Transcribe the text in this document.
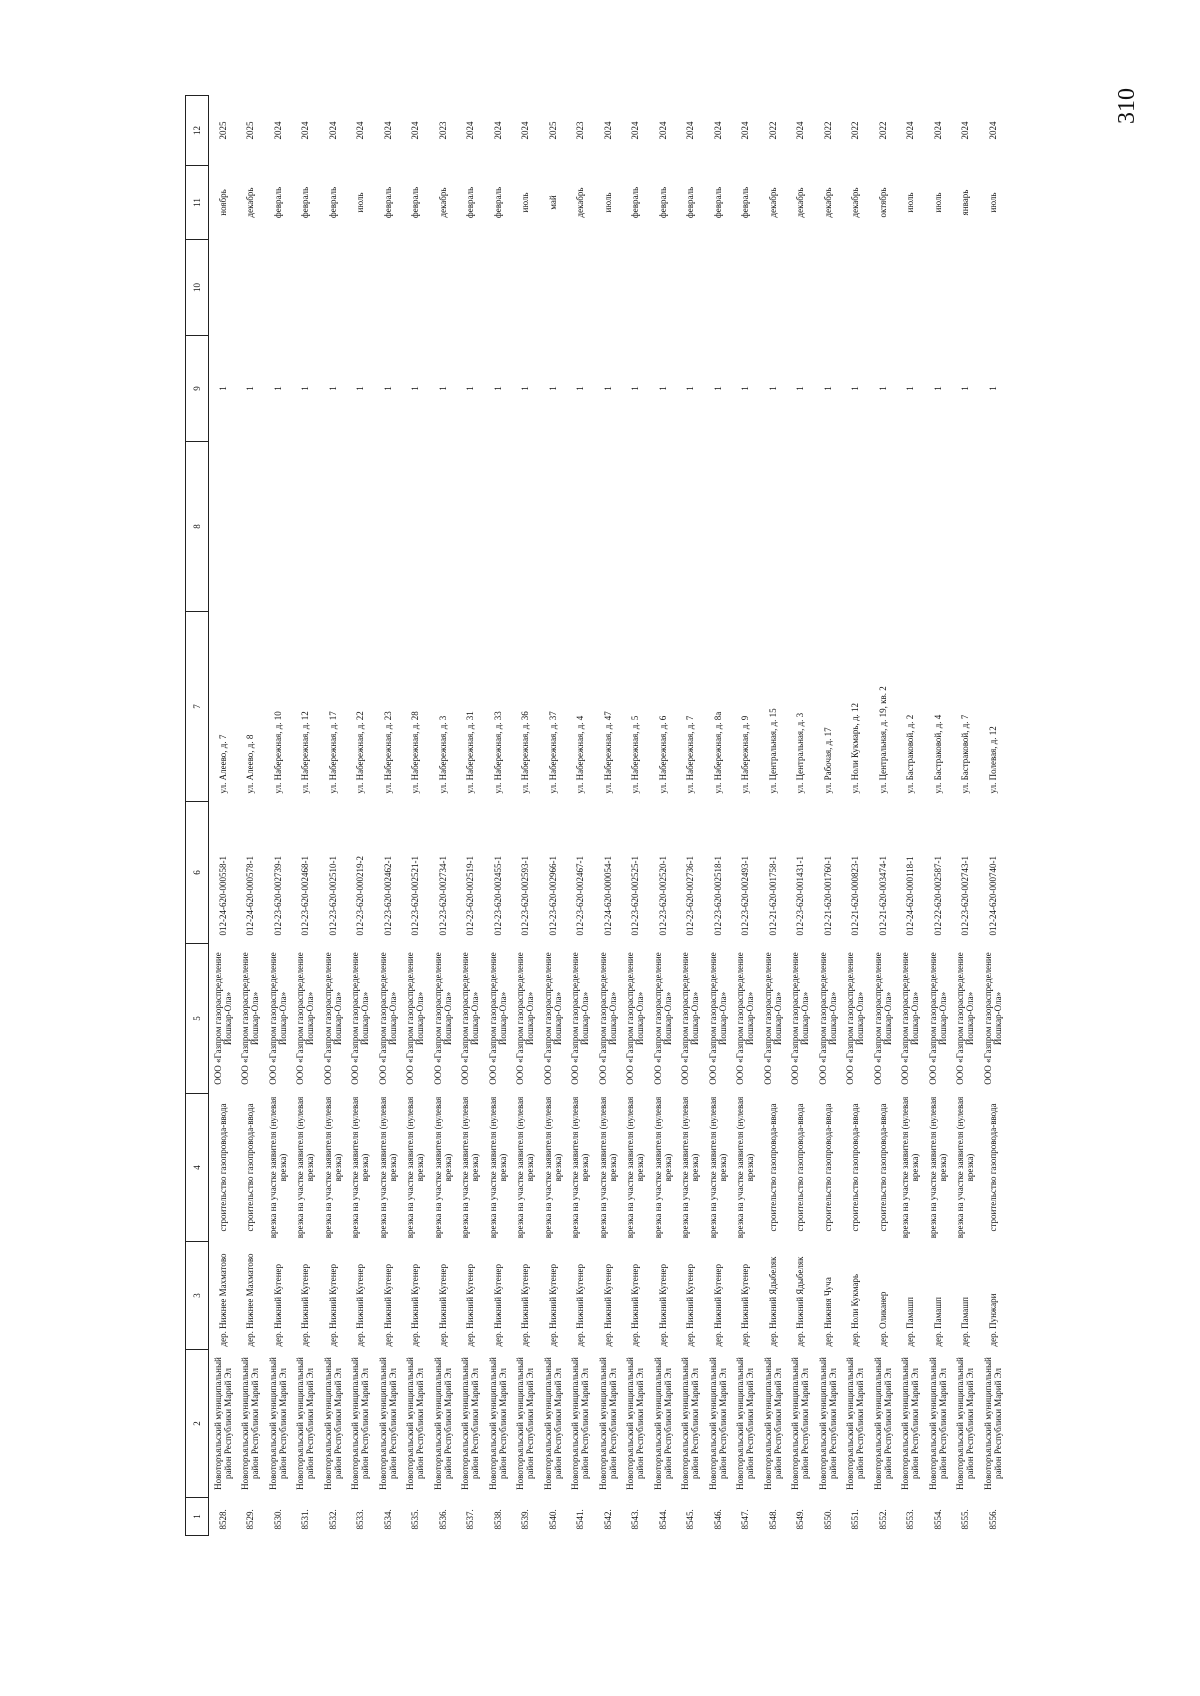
310
1	2	3	4	5	6	7	8	9	10	11	12
8528.	Новоторъяльский муниципальный район Республики Марий Эл	дер. Нижнее Махматово	строительство газопровода-ввода	ООО «Газпром газораспределение Йошкар-Ола»	012-24-620-000558-1	ул. Алеево, д. 7		1		ноябрь	2025
8529.	Новоторъяльский муниципальный район Республики Марий Эл	дер. Нижнее Махматово	строительство газопровода-ввода	ООО «Газпром газораспределение Йошкар-Ола»	012-24-620-000578-1	ул. Алеево, д. 8		1		декабрь	2025
8530.	Новоторъяльский муниципальный район Республики Марий Эл	дер. Нижний Кугенер	врезка на участке заявителя (нулевая врезка)	ООО «Газпром газораспределение Йошкар-Ола»	012-23-620-002739-1	ул. Набережная, д. 10		1		февраль	2024
8531.	Новоторъяльский муниципальный район Республики Марий Эл	дер. Нижний Кугенер	врезка на участке заявителя (нулевая врезка)	ООО «Газпром газораспределение Йошкар-Ола»	012-23-620-002468-1	ул. Набережная, д. 12		1		февраль	2024
8532.	Новоторъяльский муниципальный район Республики Марий Эл	дер. Нижний Кугенер	врезка на участке заявителя (нулевая врезка)	ООО «Газпром газораспределение Йошкар-Ола»	012-23-620-002510-1	ул. Набережная, д. 17		1		февраль	2024
8533.	Новоторъяльский муниципальный район Республики Марий Эл	дер. Нижний Кугенер	врезка на участке заявителя (нулевая врезка)	ООО «Газпром газораспределение Йошкар-Ола»	012-23-620-000219-2	ул. Набережная, д. 22		1		июль	2024
8534.	Новоторъяльский муниципальный район Республики Марий Эл	дер. Нижний Кугенер	врезка на участке заявителя (нулевая врезка)	ООО «Газпром газораспределение Йошкар-Ола»	012-23-620-002462-1	ул. Набережная, д. 23		1		февраль	2024
8535.	Новоторъяльский муниципальный район Республики Марий Эл	дер. Нижний Кугенер	врезка на участке заявителя (нулевая врезка)	ООО «Газпром газораспределение Йошкар-Ола»	012-23-620-002521-1	ул. Набережная, д. 28		1		февраль	2024
8536.	Новоторъяльский муниципальный район Республики Марий Эл	дер. Нижний Кугенер	врезка на участке заявителя (нулевая врезка)	ООО «Газпром газораспределение Йошкар-Ола»	012-23-620-002734-1	ул. Набережная, д. 3		1		декабрь	2023
8537.	Новоторъяльский муниципальный район Республики Марий Эл	дер. Нижний Кугенер	врезка на участке заявителя (нулевая врезка)	ООО «Газпром газораспределение Йошкар-Ола»	012-23-620-002519-1	ул. Набережная, д. 31		1		февраль	2024
8538.	Новоторъяльский муниципальный район Республики Марий Эл	дер. Нижний Кугенер	врезка на участке заявителя (нулевая врезка)	ООО «Газпром газораспределение Йошкар-Ола»	012-23-620-002455-1	ул. Набережная, д. 33		1		февраль	2024
8539.	Новоторъяльский муниципальный район Республики Марий Эл	дер. Нижний Кугенер	врезка на участке заявителя (нулевая врезка)	ООО «Газпром газораспределение Йошкар-Ола»	012-23-620-002593-1	ул. Набережная, д. 36		1		июль	2024
8540.	Новоторъяльский муниципальный район Республики Марий Эл	дер. Нижний Кугенер	врезка на участке заявителя (нулевая врезка)	ООО «Газпром газораспределение Йошкар-Ола»	012-23-620-002966-1	ул. Набережная, д. 37		1		май	2025
8541.	Новоторъяльский муниципальный район Республики Марий Эл	дер. Нижний Кугенер	врезка на участке заявителя (нулевая врезка)	ООО «Газпром газораспределение Йошкар-Ола»	012-23-620-002467-1	ул. Набережная, д. 4		1		декабрь	2023
8542.	Новоторъяльский муниципальный район Республики Марий Эл	дер. Нижний Кугенер	врезка на участке заявителя (нулевая врезка)	ООО «Газпром газораспределение Йошкар-Ола»	012-24-620-000054-1	ул. Набережная, д. 47		1		июль	2024
8543.	Новоторъяльский муниципальный район Республики Марий Эл	дер. Нижний Кугенер	врезка на участке заявителя (нулевая врезка)	ООО «Газпром газораспределение Йошкар-Ола»	012-23-620-002525-1	ул. Набережная, д. 5		1		февраль	2024
8544.	Новоторъяльский муниципальный район Республики Марий Эл	дер. Нижний Кугенер	врезка на участке заявителя (нулевая врезка)	ООО «Газпром газораспределение Йошкар-Ола»	012-23-620-002520-1	ул. Набережная, д. 6		1		февраль	2024
8545.	Новоторъяльский муниципальный район Республики Марий Эл	дер. Нижний Кугенер	врезка на участке заявителя (нулевая врезка)	ООО «Газпром газораспределение Йошкар-Ола»	012-23-620-002736-1	ул. Набережная, д. 7		1		февраль	2024
8546.	Новоторъяльский муниципальный район Республики Марий Эл	дер. Нижний Кугенер	врезка на участке заявителя (нулевая врезка)	ООО «Газпром газораспределение Йошкар-Ола»	012-23-620-002518-1	ул. Набережная, д. 8а		1		февраль	2024
8547.	Новоторъяльский муниципальный район Республики Марий Эл	дер. Нижний Кугенер	врезка на участке заявителя (нулевая врезка)	ООО «Газпром газораспределение Йошкар-Ола»	012-23-620-002493-1	ул. Набережная, д. 9		1		февраль	2024
8548.	Новоторъяльский муниципальный район Республики Марий Эл	дер. Нижний Ядыбеляк	строительство газопровода-ввода	ООО «Газпром газораспределение Йошкар-Ола»	012-21-620-001758-1	ул. Центральная, д. 15		1		декабрь	2022
8549.	Новоторъяльский муниципальный район Республики Марий Эл	дер. Нижний Ядыбеляк	строительство газопровода-ввода	ООО «Газпром газораспределение Йошкар-Ола»	012-23-620-001431-1	ул. Центральная, д. 3		1		декабрь	2024
8550.	Новоторъяльский муниципальный район Республики Марий Эл	дер. Нижняя Чуча	строительство газопровода-ввода	ООО «Газпром газораспределение Йошкар-Ола»	012-21-620-001760-1	ул. Рабочая, д. 17		1		декабрь	2022
8551.	Новоторъяльский муниципальный район Республики Марий Эл	дер. Ноли Кукмарь	строительство газопровода-ввода	ООО «Газпром газораспределение Йошкар-Ола»	012-21-620-000823-1	ул. Ноли Кукмарь, д. 12		1		декабрь	2022
8552.	Новоторъяльский муниципальный район Республики Марий Эл	дер. Оликанер	строительство газопровода-ввода	ООО «Газпром газораспределение Йошкар-Ола»	012-21-620-003474-1	ул. Центральная, д. 19, кв. 2		1		октябрь	2022
8553.	Новоторъяльский муниципальный район Республики Марий Эл	дер. Памашп	врезка на участке заявителя (нулевая врезка)	ООО «Газпром газораспределение Йошкар-Ола»	012-24-620-000118-1	ул. Бастраковой, д. 2		1		июль	2024
8554.	Новоторъяльский муниципальный район Республики Марий Эл	дер. Памашп	врезка на участке заявителя (нулевая врезка)	ООО «Газпром газораспределение Йошкар-Ола»	012-22-620-002587-1	ул. Бастраковой, д. 4		1		июль	2024
8555.	Новоторъяльский муниципальный район Республики Марий Эл	дер. Памашп	врезка на участке заявителя (нулевая врезка)	ООО «Газпром газораспределение Йошкар-Ола»	012-23-620-002743-1	ул. Бастраковой, д. 7		1		январь	2024
8556.	Новоторъяльский муниципальный район Республики Марий Эл	дер. Пунжари	строительство газопровода-ввода	ООО «Газпром газораспределение Йошкар-Ола»	012-24-620-000740-1	ул. Полевая, д. 12		1		июль	2024
